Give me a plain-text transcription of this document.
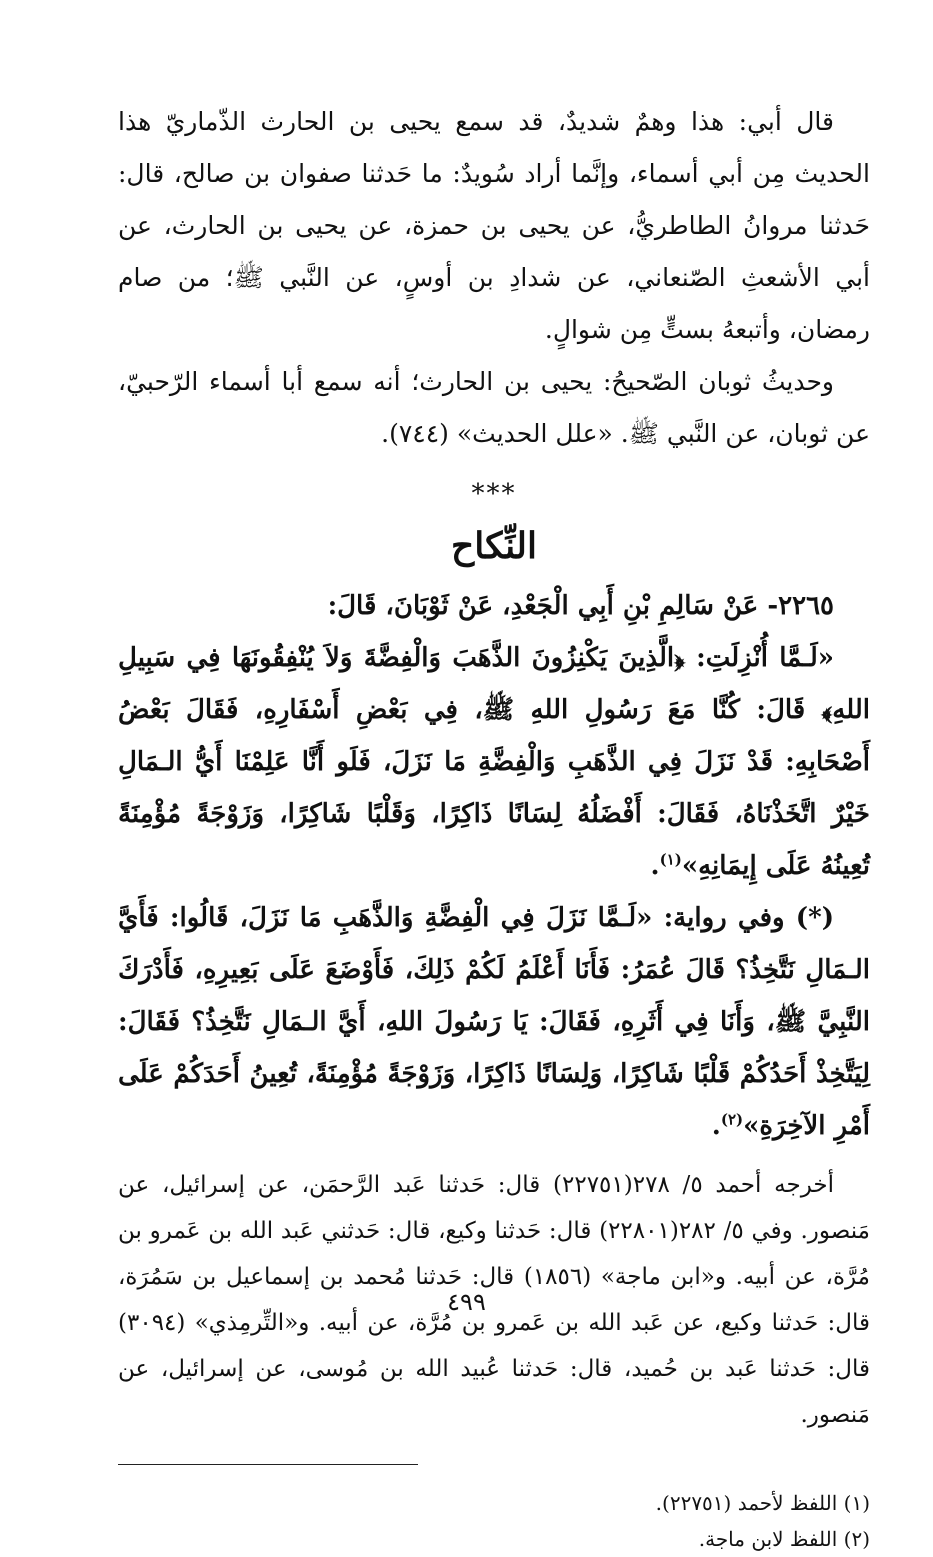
قال أبي: هذا وهمٌ شديدٌ، قد سمع يحيى بن الحارث الذّماريّ هذا الحديث مِن أبي أسماء، وإنَّما أراد سُويدٌ: ما حَدثنا صفوان بن صالح، قال: حَدثنا مروانُ الطاطريُّ، عن يحيى بن حمزة، عن يحيى بن الحارث، عن أبي الأشعثِ الصّنعاني، عن شدادِ بن أوسٍ، عن النَّبي ﷺ؛ من صام رمضان، وأتبعهُ بستٍّ مِن شوالٍ.

وحديثُ ثوبان الصّحيحُ: يحيى بن الحارث؛ أنه سمع أبا أسماء الرّحبيّ، عن ثوبان، عن النَّبي ﷺ. «علل الحديث» (٧٤٤).

***
النِّكاح

٢٢٦٥- عَنْ سَالِمِ بْنِ أَبِي الْجَعْدِ، عَنْ ثَوْبَانَ، قَالَ:

«لَـمَّا أُنْزِلَتِ: ﴿الَّذِينَ يَكْنِزُونَ الذَّهَبَ وَالْفِضَّةَ وَلاَ يُنْفِقُونَهَا فِي سَبِيلِ اللهِ﴾ قَالَ: كُنَّا مَعَ رَسُولِ اللهِ ﷺ، فِي بَعْضِ أَسْفَارِهِ، فَقَالَ بَعْضُ أَصْحَابِهِ: قَدْ نَزَلَ فِي الذَّهَبِ وَالْفِضَّةِ مَا نَزَلَ، فَلَو أَنَّا عَلِمْنَا أَيُّ الـمَالِ خَيْرٌ اتَّخَذْنَاهُ، فَقَالَ: أَفْضَلُهُ لِسَانًا ذَاكِرًا، وَقَلْبًا شَاكِرًا، وَزَوْجَةً مُؤْمِنَةً تُعِينُهُ عَلَى إِيمَانِهِ»$^{(١)}$.

(*) وفي رواية: «لَـمَّا نَزَلَ فِي الْفِضَّةِ وَالذَّهَبِ مَا نَزَلَ، قَالُوا: فَأَيَّ الـمَالِ نَتَّخِذُ؟ قَالَ عُمَرُ: فَأَنَا أَعْلَمُ لَكُمْ ذَلِكَ، فَأَوْضَعَ عَلَى بَعِيرِهِ، فَأَدْرَكَ النَّبِيَّ ﷺ، وَأَنَا فِي أَثَرِهِ، فَقَالَ: يَا رَسُولَ اللهِ، أَيَّ الـمَالِ نَتَّخِذُ؟ فَقَالَ: لِيَتَّخِذْ أَحَدُكُمْ قَلْبًا شَاكِرًا، وَلِسَانًا ذَاكِرًا، وَزَوْجَةً مُؤْمِنَةً، تُعِينُ أَحَدَكُمْ عَلَى أَمْرِ الآخِرَةِ»$^{(٢)}$.

أخرجه أحمد ٥/ ٢٧٨(٢٢٧٥١) قال: حَدثنا عَبد الرَّحمَن، عن إسرائيل، عن مَنصور. وفي ٥/ ٢٨٢(٢٢٨٠١) قال: حَدثنا وكيع، قال: حَدثني عَبد الله بن عَمرو بن مُرَّة، عن أبيه. و«ابن ماجة» (١٨٥٦) قال: حَدثنا مُحمد بن إسماعيل بن سَمُرَة، قال: حَدثنا وكيع، عن عَبد الله بن عَمرو بن مُرَّة، عن أبيه. و«التِّرمِذي» (٣٠٩٤) قال: حَدثنا عَبد بن حُميد، قال: حَدثنا عُبيد الله بن مُوسى، عن إسرائيل، عن مَنصور.

(١) اللفظ لأحمد (٢٢٧٥١).

(٢) اللفظ لابن ماجة.

٤٩٩
